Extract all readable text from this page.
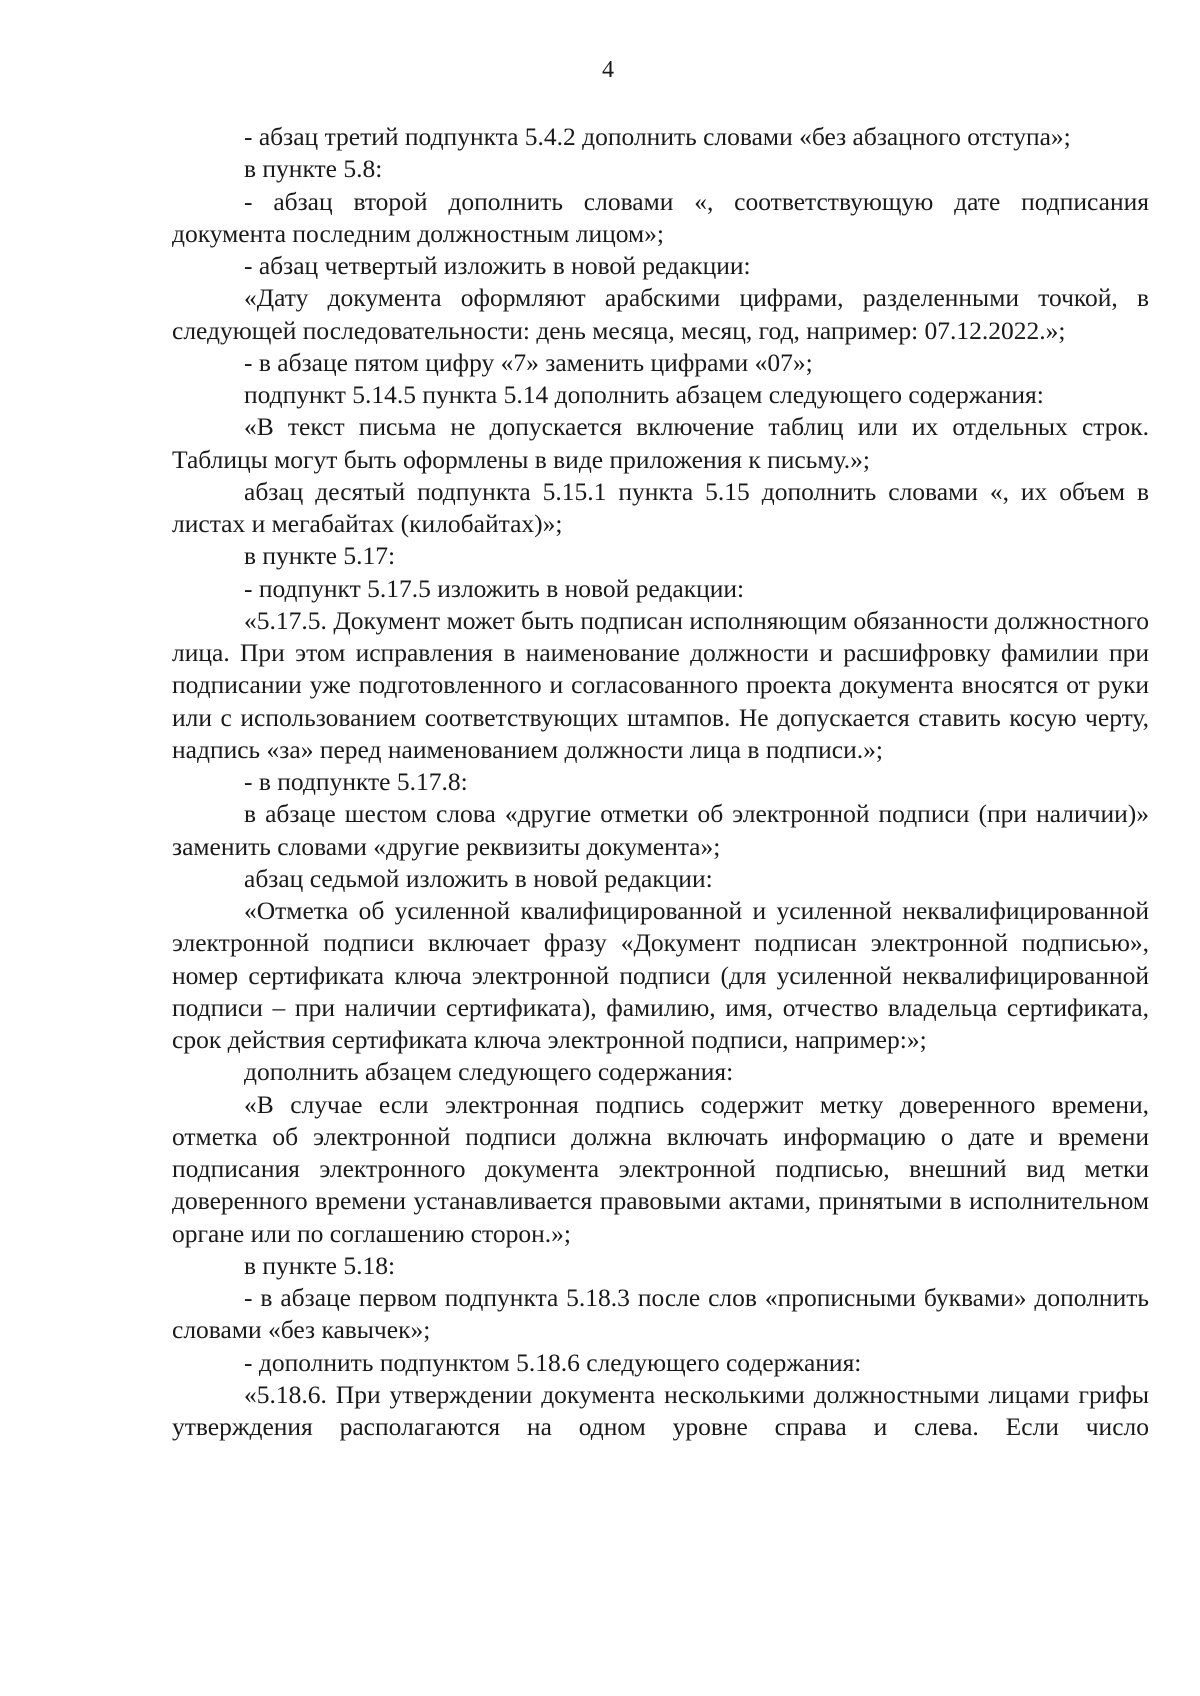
4

- абзац третий подпункта 5.4.2 дополнить словами «без абзацного отступа»;

в пункте 5.8:

- абзац второй дополнить словами «, соответствующую дате подписания документа последним должностным лицом»;

- абзац четвертый изложить в новой редакции:

«Дату документа оформляют арабскими цифрами, разделенными точкой, в следующей последовательности: день месяца, месяц, год, например: 07.12.2022.»;

- в абзаце пятом цифру «7» заменить цифрами «07»;

подпункт 5.14.5 пункта 5.14 дополнить абзацем следующего содержания:

«В текст письма не допускается включение таблиц или их отдельных строк. Таблицы могут быть оформлены в виде приложения к письму.»;

абзац десятый подпункта 5.15.1 пункта 5.15 дополнить словами «, их объем в листах и мегабайтах (килобайтах)»;

в пункте 5.17:

- подпункт 5.17.5 изложить в новой редакции:

«5.17.5. Документ может быть подписан исполняющим обязанности должностного лица. При этом исправления в наименование должности и расшифровку фамилии при подписании уже подготовленного и согласованного проекта документа вносятся от руки или с использованием соответствующих штампов. Не допускается ставить косую черту, надпись «за» перед наименованием должности лица в подписи.»;

- в подпункте 5.17.8:

в абзаце шестом слова «другие отметки об электронной подписи (при наличии)» заменить словами «другие реквизиты документа»;

абзац седьмой изложить в новой редакции:

«Отметка об усиленной квалифицированной и усиленной неквалифицированной электронной подписи включает фразу «Документ подписан электронной подписью», номер сертификата ключа электронной подписи (для усиленной неквалифицированной подписи – при наличии сертификата), фамилию, имя, отчество владельца сертификата, срок действия сертификата ключа электронной подписи, например:»;

дополнить абзацем следующего содержания:

«В случае если электронная подпись содержит метку доверенного времени, отметка об электронной подписи должна включать информацию о дате и времени подписания электронного документа электронной подписью, внешний вид метки доверенного времени устанавливается правовыми актами, принятыми в исполнительном органе или по соглашению сторон.»;

в пункте 5.18:

- в абзаце первом подпункта 5.18.3 после слов «прописными буквами» дополнить словами «без кавычек»;

- дополнить подпунктом 5.18.6 следующего содержания:

«5.18.6. При утверждении документа несколькими должностными лицами грифы утверждения располагаются на одном уровне справа и слева. Если число
